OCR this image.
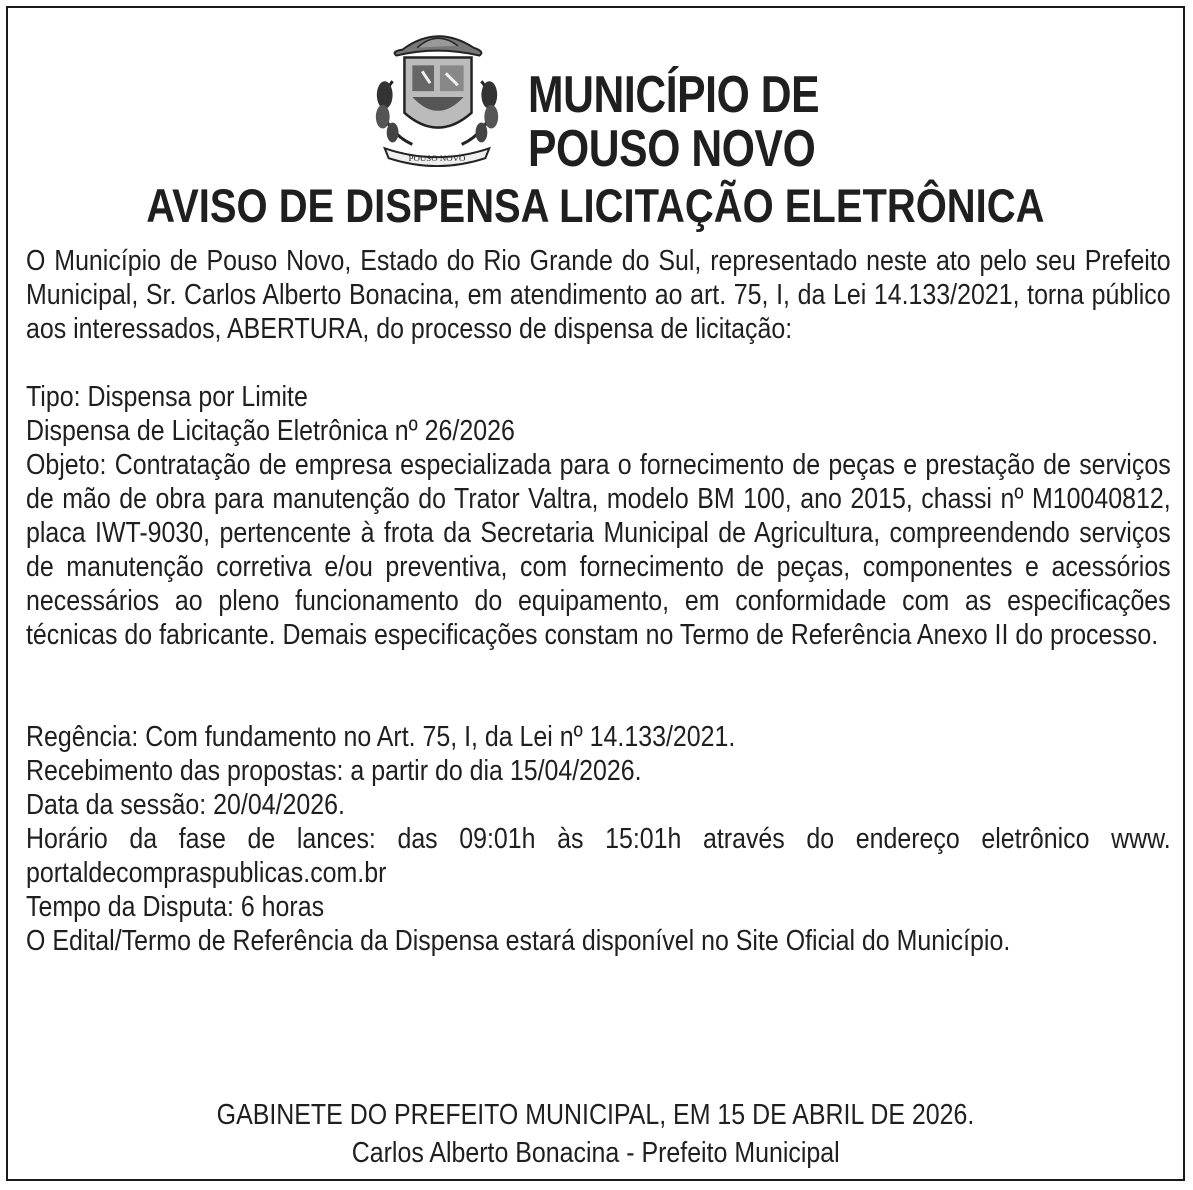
POUSO NOVO
MUNICÍPIO DE
POUSO NOVO
AVISO DE DISPENSA LICITAÇÃO ELETRÔNICA

O Município de Pouso Novo, Estado do Rio Grande do Sul, representado neste ato pelo seu Prefeito Municipal, Sr. Carlos Alberto Bonacina, em atendimento ao art. 75, I, da Lei 14.133/2021, torna público aos interessados, ABERTURA, do processo de dispensa de licitação:

Tipo: Dispensa por Limite

Dispensa de Licitação Eletrônica nº 26/2026

Objeto: Contratação de empresa especializada para o fornecimento de peças e prestação de serviços de mão de obra para manutenção do Trator Valtra, modelo BM 100, ano 2015, chassi nº M10040812, placa IWT-9030, pertencente à frota da Secretaria Municipal de Agricultura, compreendendo serviços de manutenção corretiva e/ou preventiva, com fornecimento de peças, componentes e acessórios necessários ao pleno funcionamento do equipamento, em conformidade com as especificações técnicas do fabricante. Demais especificações constam no Termo de Referência Anexo II do processo.

Regência: Com fundamento no Art. 75, I, da Lei nº 14.133/2021.

Recebimento das propostas: a partir do dia 15/04/2026.

Data da sessão: 20/04/2026.

Horário da fase de lances: das 09:01h às 15:01h através do endereço eletrônico www. portaldecompraspublicas.com.br

Tempo da Disputa: 6 horas

O Edital/Termo de Referência da Dispensa estará disponível no Site Oficial do Município.

GABINETE DO PREFEITO MUNICIPAL, EM 15 DE ABRIL DE 2026.
Carlos Alberto Bonacina - Prefeito Municipal
